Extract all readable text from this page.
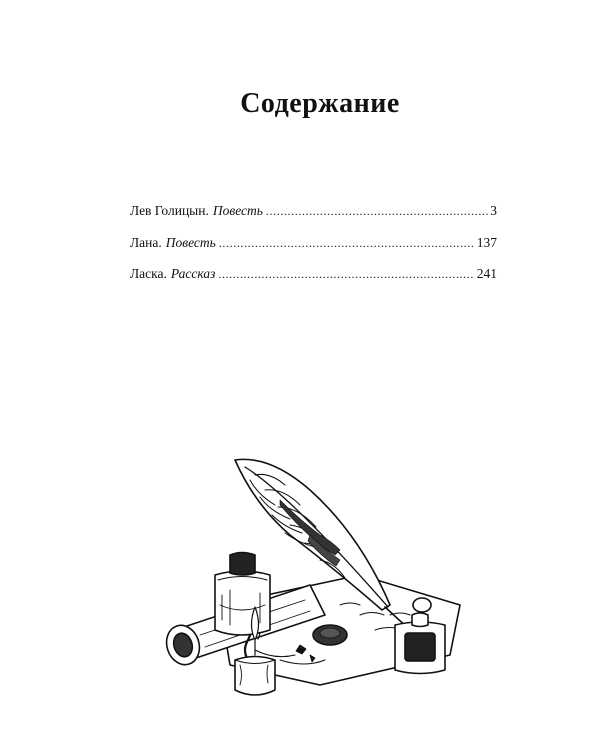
Содержание
Лев Голицын. Повесть . . .	3
Лана. Повесть . . .	137
Ласка. Рассказ . . .	241
